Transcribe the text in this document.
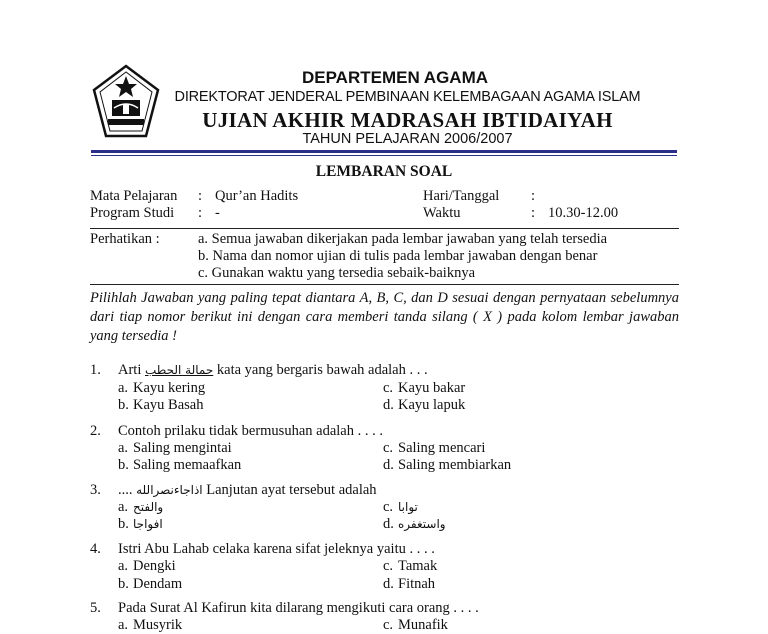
DEPARTEMEN AGAMA
DIREKTORAT JENDERAL PEMBINAAN KELEMBAGAAN AGAMA ISLAM
UJIAN AKHIR MADRASAH IBTIDAIYAH
TAHUN PELAJARAN 2006/2007
LEMBARAN SOAL
Mata Pelajaran : Qur’an Hadits
Program Studi : -
Hari/Tanggal :
Waktu	: 10.30-12.00
Perhatikan :	a. Semua jawaban dikerjakan pada lembar jawaban yang telah tersedia
b. Nama dan nomor ujian di tulis pada lembar jawaban dengan benar
c. Gunakan waktu yang tersedia sebaik-baiknya
Pilihlah Jawaban yang paling tepat diantara A, B, C, dan D sesuai dengan pernyataan sebelumnya dari tiap nomor berikut ini dengan cara memberi tanda silang ( X ) pada kolom lembar jawaban yang tersedia !
1. Arti حمالة الحطب kata yang bergaris bawah adalah . . .
a. Kayu kering
b. Kayu Basah
c. Kayu bakar
d. Kayu lapuk
2. Contoh prilaku tidak bermusuhan adalah . . . .
a. Saling mengintai
b. Saling memaafkan
c. Saling mencari
d. Saling membiarkan
3. .... اذاجاءنصرالله Lanjutan ayat tersebut adalah
a. والفتح
b. افواجا
c. توابا
d. واستغفره
4. Istri Abu Lahab celaka karena sifat jeleknya yaitu . . . .
a. Dengki
b. Dendam
c. Tamak
d. Fitnah
5. Pada Surat Al Kafirun kita dilarang mengikuti cara orang . . . .
a. Musyrik	c. Munafik
